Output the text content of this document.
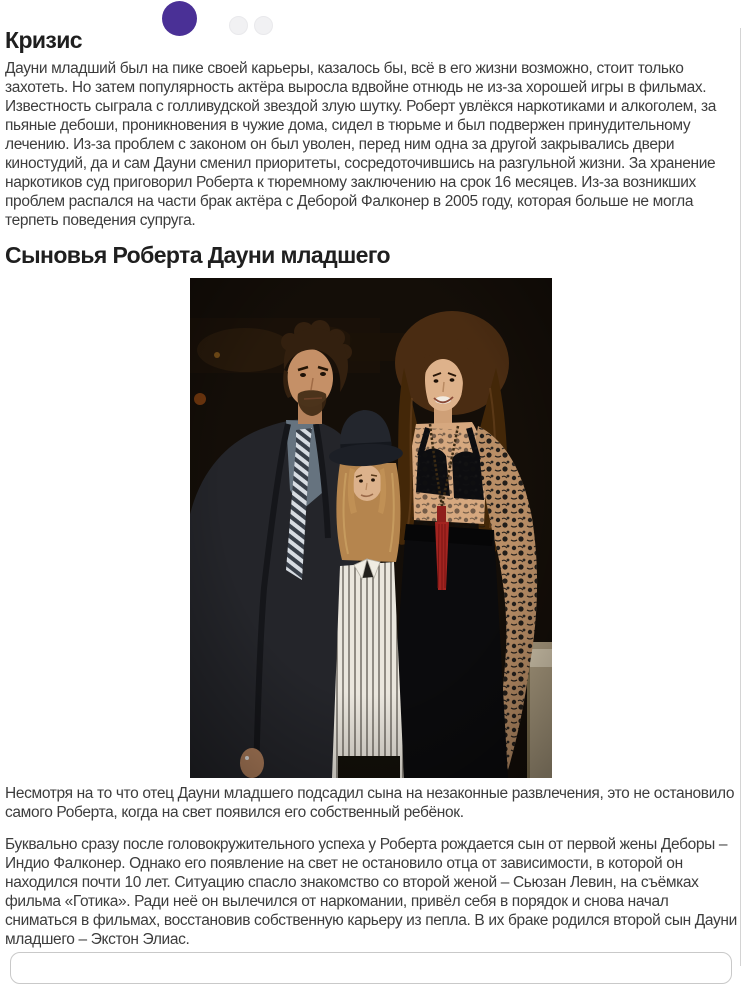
Кризис

Дауни младший был на пике своей карьеры, казалось бы, всё в его жизни возможно, стоит только захотеть. Но затем популярность актёра выросла вдвойне отнюдь не из-за хорошей игры в фильмах. Известность сыграла с голливудской звездой злую шутку. Роберт увлёкся наркотиками и алкоголем, за пьяные дебоши, проникновения в чужие дома, сидел в тюрьме и был подвержен принудительному лечению. Из-за проблем с законом он был уволен, перед ним одна за другой закрывались двери киностудий, да и сам Дауни сменил приоритеты, сосредоточившись на разгульной жизни. За хранение наркотиков суд приговорил Роберта к тюремному заключению на срок 16 месяцев. Из-за возникших проблем распался на части брак актёра с Деборой Фалконер в 2005 году, которая больше не могла терпеть поведения супруга.

Сыновья Роберта Дауни младшего

Несмотря на то что отец Дауни младшего подсадил сына на незаконные развлечения, это не остановило самого Роберта, когда на свет появился его собственный ребёнок.

Буквально сразу после головокружительного успеха у Роберта рождается сын от первой жены Деборы – Индио Фалконер. Однако его появление на свет не остановило отца от зависимости, в которой он находился почти 10 лет. Ситуацию спасло знакомство со второй женой – Сьюзан Левин, на съёмках фильма «Готика». Ради неё он вылечился от наркомании, привёл себя в порядок и снова начал сниматься в фильмах, восстановив собственную карьеру из пепла. В их браке родился второй сын Дауни младшего – Экстон Элиас.
